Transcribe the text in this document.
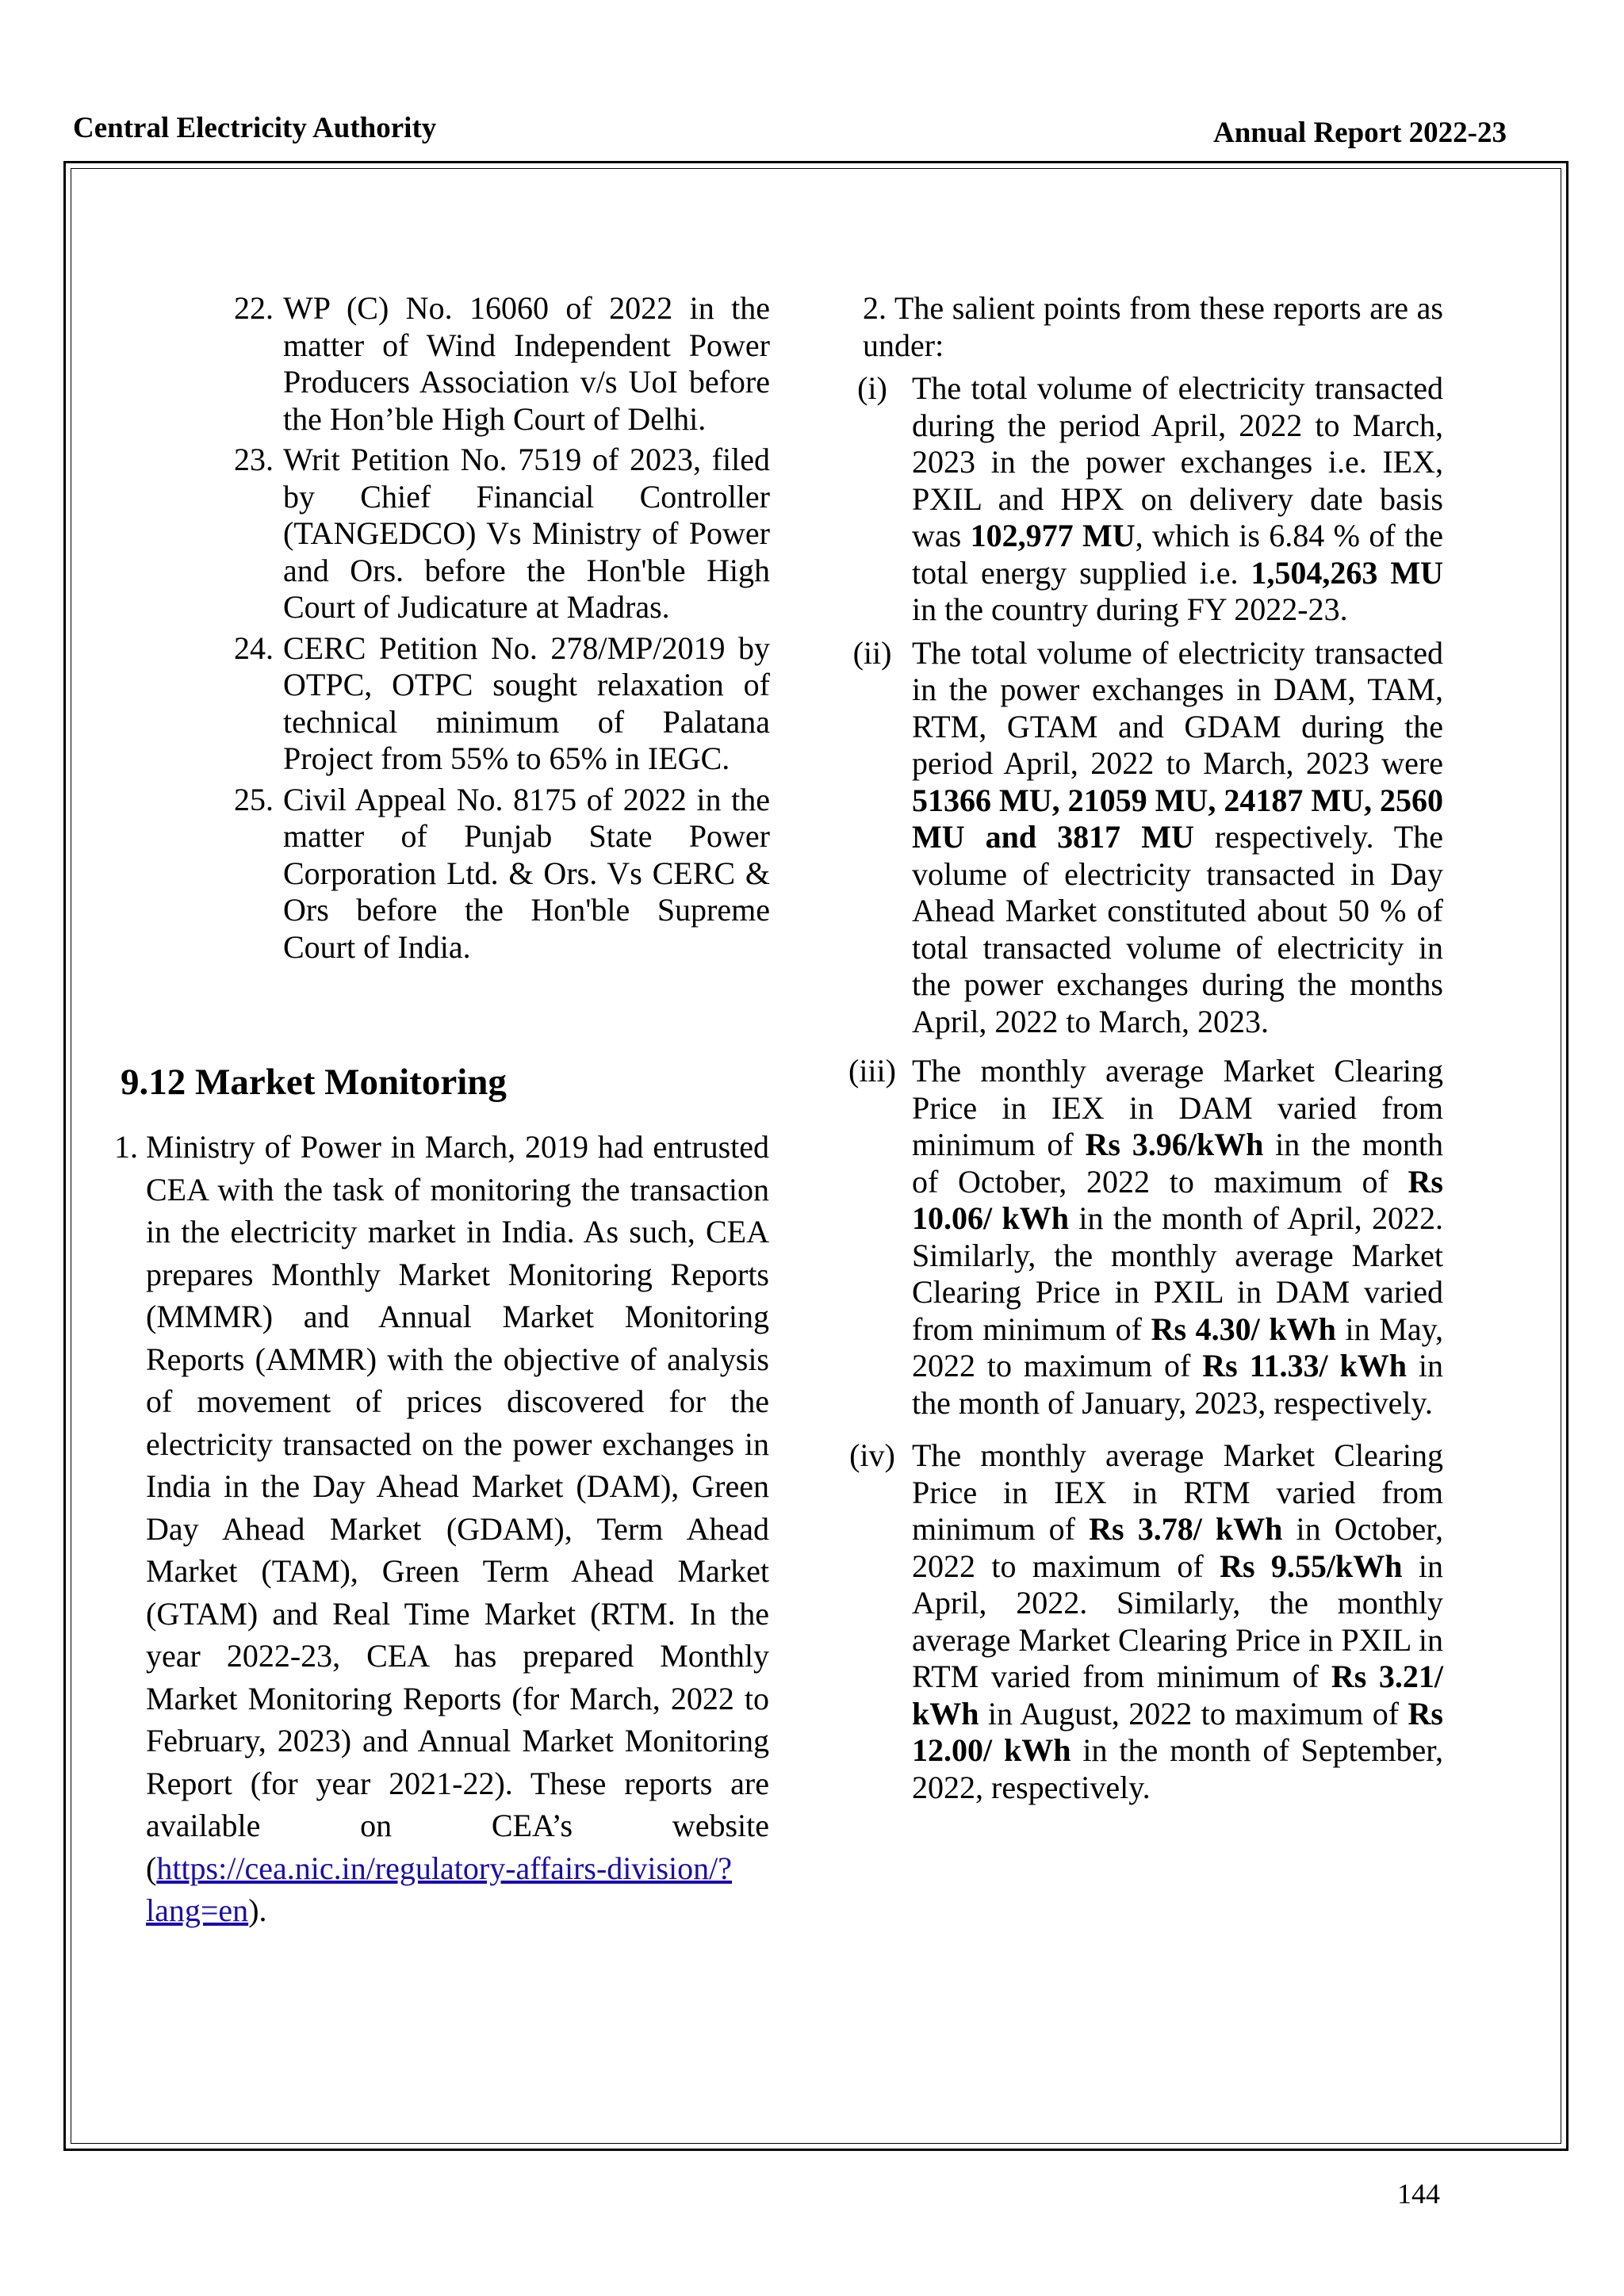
Central Electricity Authority	Annual Report 2022-23
22. WP (C) No. 16060 of 2022 in the matter of Wind Independent Power Producers Association v/s UoI before the Hon’ble High Court of Delhi.
23. Writ Petition No. 7519 of 2023, filed by Chief Financial Controller (TANGEDCO) Vs Ministry of Power and Ors. before the Hon'ble High Court of Judicature at Madras.
24. CERC Petition No. 278/MP/2019 by OTPC, OTPC sought relaxation of technical minimum of Palatana Project from 55% to 65% in IEGC.
25. Civil Appeal No. 8175 of 2022 in the matter of Punjab State Power Corporation Ltd. & Ors. Vs CERC & Ors before the Hon'ble Supreme Court of India.
9.12 Market Monitoring
1. Ministry of Power in March, 2019 had entrusted CEA with the task of monitoring the transaction in the electricity market in India. As such, CEA prepares Monthly Market Monitoring Reports (MMMR) and Annual Market Monitoring Reports (AMMR) with the objective of analysis of movement of prices discovered for the electricity transacted on the power exchanges in India in the Day Ahead Market (DAM), Green Day Ahead Market (GDAM), Term Ahead Market (TAM), Green Term Ahead Market (GTAM) and Real Time Market (RTM. In the year 2022-23, CEA has prepared Monthly Market Monitoring Reports (for March, 2022 to February, 2023) and Annual Market Monitoring Report (for year 2021-22). These reports are available on CEA’s website (https://cea.nic.in/regulatory-affairs-division/?lang=en).
2. The salient points from these reports are as under:
(i) The total volume of electricity transacted during the period April, 2022 to March, 2023 in the power exchanges i.e. IEX, PXIL and HPX on delivery date basis was 102,977 MU, which is 6.84 % of the total energy supplied i.e. 1,504,263 MU in the country during FY 2022-23.
(ii) The total volume of electricity transacted in the power exchanges in DAM, TAM, RTM, GTAM and GDAM during the period April, 2022 to March, 2023 were 51366 MU, 21059 MU, 24187 MU, 2560 MU and 3817 MU respectively. The volume of electricity transacted in Day Ahead Market constituted about 50 % of total transacted volume of electricity in the power exchanges during the months April, 2022 to March, 2023.
(iii) The monthly average Market Clearing Price in IEX in DAM varied from minimum of Rs 3.96/kWh in the month of October, 2022 to maximum of Rs 10.06/ kWh in the month of April, 2022. Similarly, the monthly average Market Clearing Price in PXIL in DAM varied from minimum of Rs 4.30/ kWh in May, 2022 to maximum of Rs 11.33/ kWh in the month of January, 2023, respectively.
(iv) The monthly average Market Clearing Price in IEX in RTM varied from minimum of Rs 3.78/ kWh in October, 2022 to maximum of Rs 9.55/kWh in April, 2022. Similarly, the monthly average Market Clearing Price in PXIL in RTM varied from minimum of Rs 3.21/ kWh in August, 2022 to maximum of Rs 12.00/ kWh in the month of September, 2022, respectively.
144
